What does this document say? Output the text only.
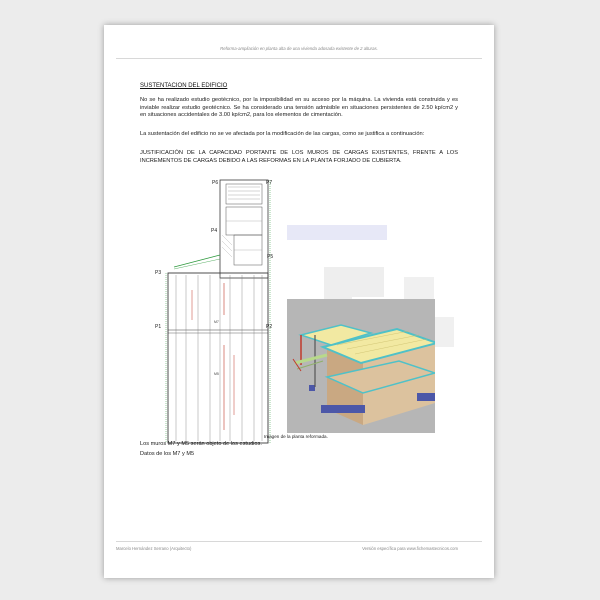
Reforma-ampliación en planta alta de una vivienda adosada existente de 2 alturas.
SUSTENTACION DEL EDIFICIO

No se ha realizado estudio geotécnico, por la imposibilidad en su acceso por la máquina. La vivienda está construida y es inviable realizar estudio geotécnico. Se ha considerado una tensión admisible en situaciones persistentes de 2.50 kp/cm2 y en situaciones accidentales de 3.00 kp/cm2, para los elementos de cimentación.

La sustentación del edificio no se ve afectada por la modificación de las cargas, como se justifica a continuación:

JUSTIFICACIÓN DE LA CAPACIDAD PORTANTE DE LOS MUROS DE CARGAS EXISTENTES, FRENTE A LOS INCREMENTOS DE CARGAS DEBIDO A LAS REFORMAS EN LA PLANTA FORJADO DE CUBIERTA.

P3
P1	P2
P4
P5
P6	P7
M7
M5
Imagen de la planta reformada.

Los muros M7 y M5 serán objeto de los estudios.

Datos de los M7 y M5

Marcelo Hernández Serrano (Arquitecto)	Versión específica para www.fichemastecnicos.com
